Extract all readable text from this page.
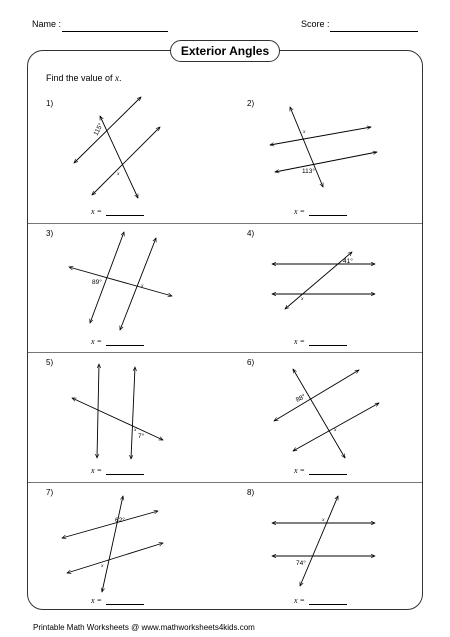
Name :	Score :
Exterior Angles
Find the value of x.
1)	2)
3)	4)
5)	6)
7)	8)
x =	x =
x =	x =
x =	x =
x =	x =
115°
x
x
113°
89°	x
41°
x
x
7°
88°
x
62°
x
x
74°
Printable Math Worksheets @ www.mathworksheets4kids.com
